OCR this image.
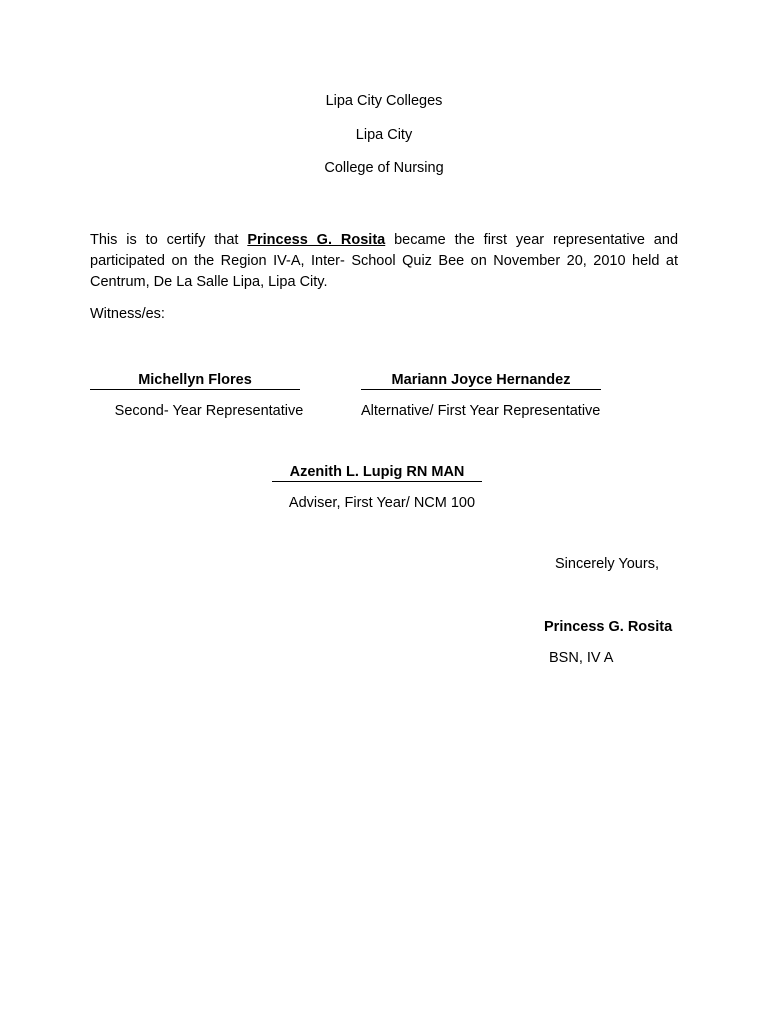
Lipa City Colleges
Lipa City
College of Nursing
This is to certify that Princess G. Rosita became the first year representative and participated on the Region IV-A, Inter- School Quiz Bee on November 20, 2010 held at Centrum, De La Salle Lipa, Lipa City.
Witness/es:
Michellyn Flores
Second- Year Representative
Mariann Joyce Hernandez
Alternative/ First Year Representative
Azenith L. Lupig RN MAN
Adviser, First Year/ NCM 100
Sincerely Yours,
Princess G. Rosita
BSN, IV A
